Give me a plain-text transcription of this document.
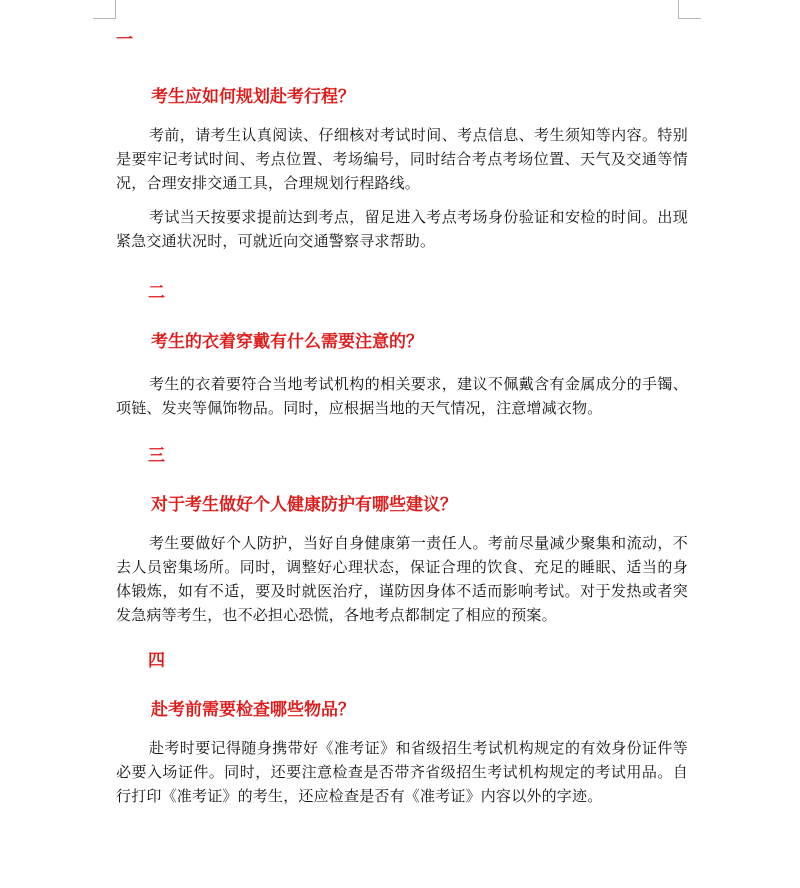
一
考生应如何规划赴考行程？
考前，请考生认真阅读、仔细核对考试时间、考点信息、考生须知等内容。特别是要牢记考试时间、考点位置、考场编号，同时结合考点考场位置、天气及交通等情况，合理安排交通工具，合理规划行程路线。
考试当天按要求提前达到考点，留足进入考点考场身份验证和安检的时间。出现紧急交通状况时，可就近向交通警察寻求帮助。
二
考生的衣着穿戴有什么需要注意的？
考生的衣着要符合当地考试机构的相关要求，建议不佩戴含有金属成分的手镯、项链、发夹等佩饰物品。同时，应根据当地的天气情况，注意增减衣物。
三
对于考生做好个人健康防护有哪些建议？
考生要做好个人防护，当好自身健康第一责任人。考前尽量减少聚集和流动，不去人员密集场所。同时，调整好心理状态，保证合理的饮食、充足的睡眠、适当的身体锻炼，如有不适，要及时就医治疗，谨防因身体不适而影响考试。对于发热或者突发急病等考生，也不必担心恐慌，各地考点都制定了相应的预案。
四
赴考前需要检查哪些物品？
赴考时要记得随身携带好《准考证》和省级招生考试机构规定的有效身份证件等必要入场证件。同时，还要注意检查是否带齐省级招生考试机构规定的考试用品。自行打印《准考证》的考生，还应检查是否有《准考证》内容以外的字迹。
